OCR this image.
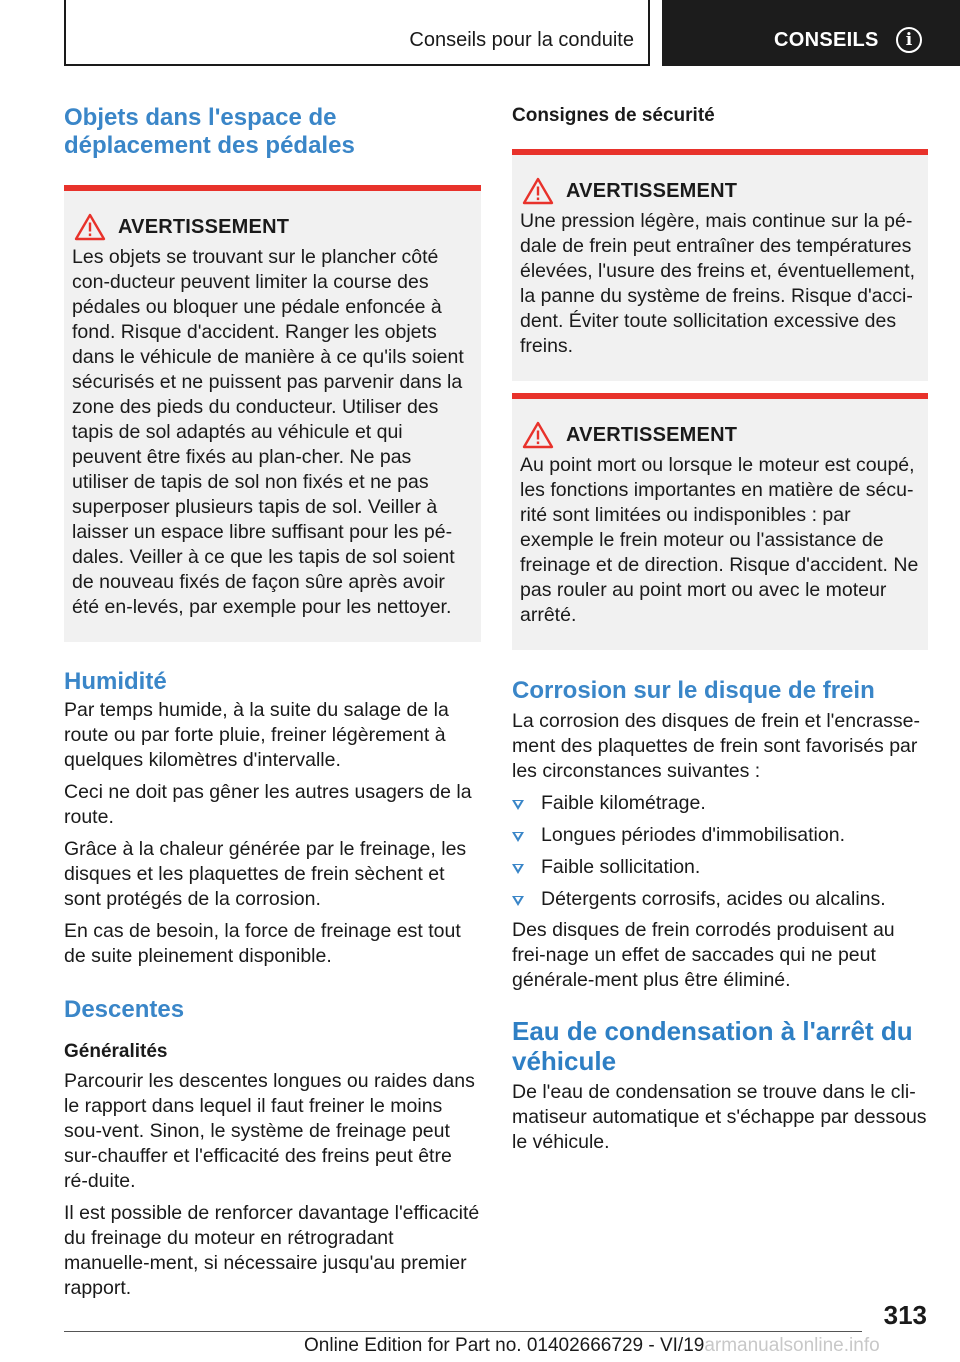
Conseils pour la conduite	CONSEILS	i
Objets dans l'espace de déplacement des pédales
AVERTISSEMENT

Les objets se trouvant sur le plancher côté con-ducteur peuvent limiter la course des pédales ou bloquer une pédale enfoncée à fond. Risque d'accident. Ranger les objets dans le véhicule de manière à ce qu'ils soient sécurisés et ne puissent pas parvenir dans la zone des pieds du conducteur. Utiliser des tapis de sol adaptés au véhicule et qui peuvent être fixés au plan-cher. Ne pas utiliser de tapis de sol non fixés et ne pas superposer plusieurs tapis de sol. Veiller à laisser un espace libre suffisant pour les pé-dales. Veiller à ce que les tapis de sol soient de nouveau fixés de façon sûre après avoir été en-levés, par exemple pour les nettoyer.

Humidité

Par temps humide, à la suite du salage de la route ou par forte pluie, freiner légèrement à quelques kilomètres d'intervalle.

Ceci ne doit pas gêner les autres usagers de la route.

Grâce à la chaleur générée par le freinage, les disques et les plaquettes de frein sèchent et sont protégés de la corrosion.

En cas de besoin, la force de freinage est tout de suite pleinement disponible.

Descentes
Généralités

Parcourir les descentes longues ou raides dans le rapport dans lequel il faut freiner le moins sou-vent. Sinon, le système de freinage peut sur-chauffer et l'efficacité des freins peut être ré-duite.

Il est possible de renforcer davantage l'efficacité du freinage du moteur en rétrogradant manuelle-ment, si nécessaire jusqu'au premier rapport.

Consignes de sécurité
AVERTISSEMENT

Une pression légère, mais continue sur la pé-dale de frein peut entraîner des températures élevées, l'usure des freins et, éventuellement, la panne du système de freins. Risque d'acci-dent. Éviter toute sollicitation excessive des freins.

AVERTISSEMENT

Au point mort ou lorsque le moteur est coupé, les fonctions importantes en matière de sécu-rité sont limitées ou indisponibles : par exemple le frein moteur ou l'assistance de freinage et de direction. Risque d'accident. Ne pas rouler au point mort ou avec le moteur arrêté.

Corrosion sur le disque de frein

La corrosion des disques de frein et l'encrasse-ment des plaquettes de frein sont favorisés par les circonstances suivantes :

Faible kilométrage.
Longues périodes d'immobilisation.
Faible sollicitation.
Détergents corrosifs, acides ou alcalins.

Des disques de frein corrodés produisent au frei-nage un effet de saccades qui ne peut générale-ment plus être éliminé.

Eau de condensation à l'arrêt du véhicule

De l'eau de condensation se trouve dans le cli-matiseur automatique et s'échappe par dessous le véhicule.

313
Online Edition for Part no. 01402666729 - VI/19armanualsonline.info
